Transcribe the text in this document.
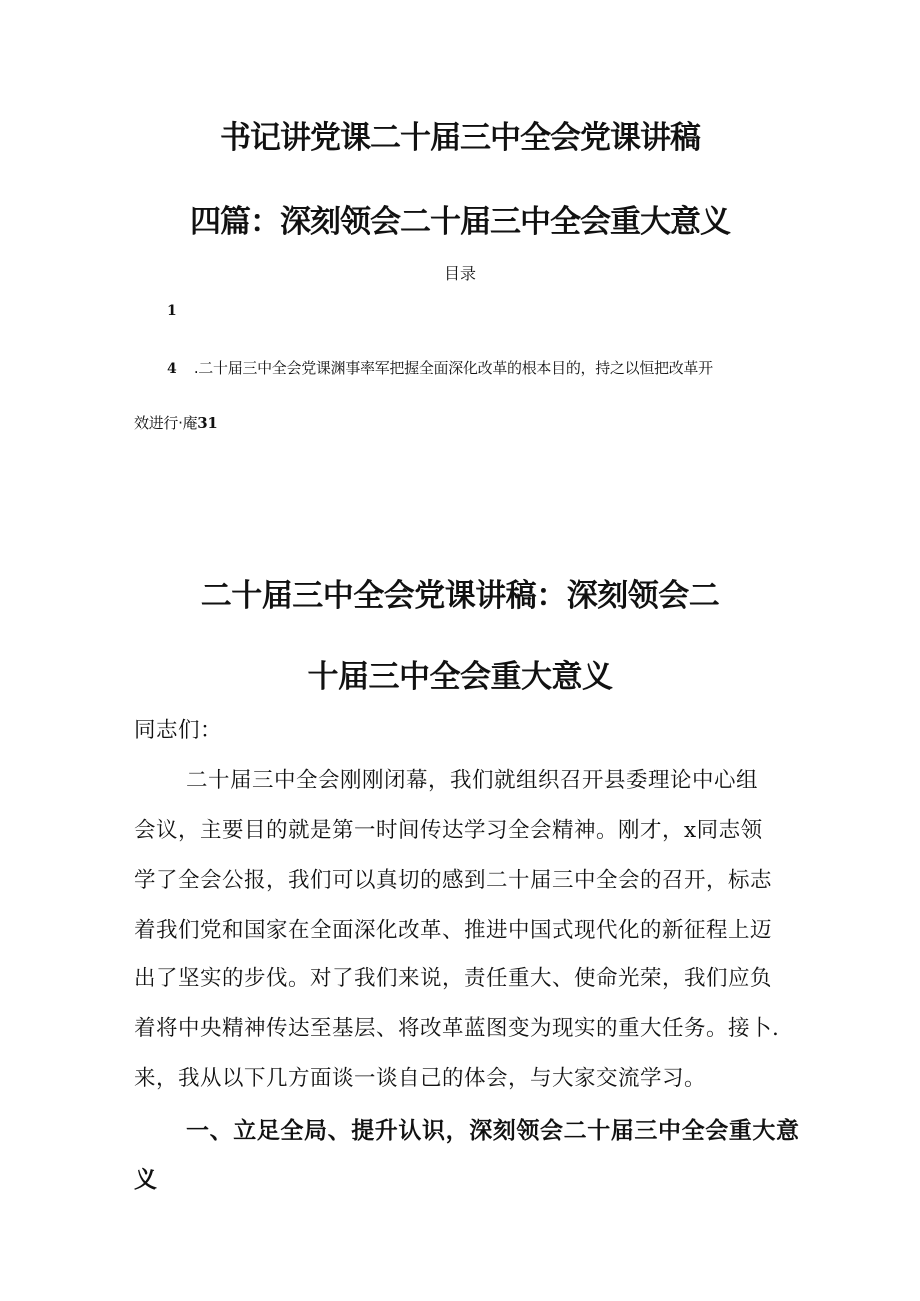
书记讲党课二十届三中全会党课讲稿
四篇：深刻领会二十届三中全会重大意义
目录
1
4 .二十届三中全会党课渊事率军把握全面深化改革的根本目的，持之以恒把改革开
效进行·庵31
二十届三中全会党课讲稿：深刻领会二
十届三中全会重大意义
同志们：
二十届三中全会刚刚闭幕，我们就组织召开县委理论中心组
会议，主要目的就是第一时间传达学习全会精神。刚才，x同志领
学了全会公报，我们可以真切的感到二十届三中全会的召开，标志
着我们党和国家在全面深化改革、推进中国式现代化的新征程上迈
出了坚实的步伐。对了我们来说，责任重大、使命光荣，我们应负
着将中央精神传达至基层、将改革蓝图变为现实的重大任务。接卜.
来，我从以下几方面谈一谈自己的体会，与大家交流学习。
一、立足全局、提升认识，深刻领会二十届三中全会重大意
义
